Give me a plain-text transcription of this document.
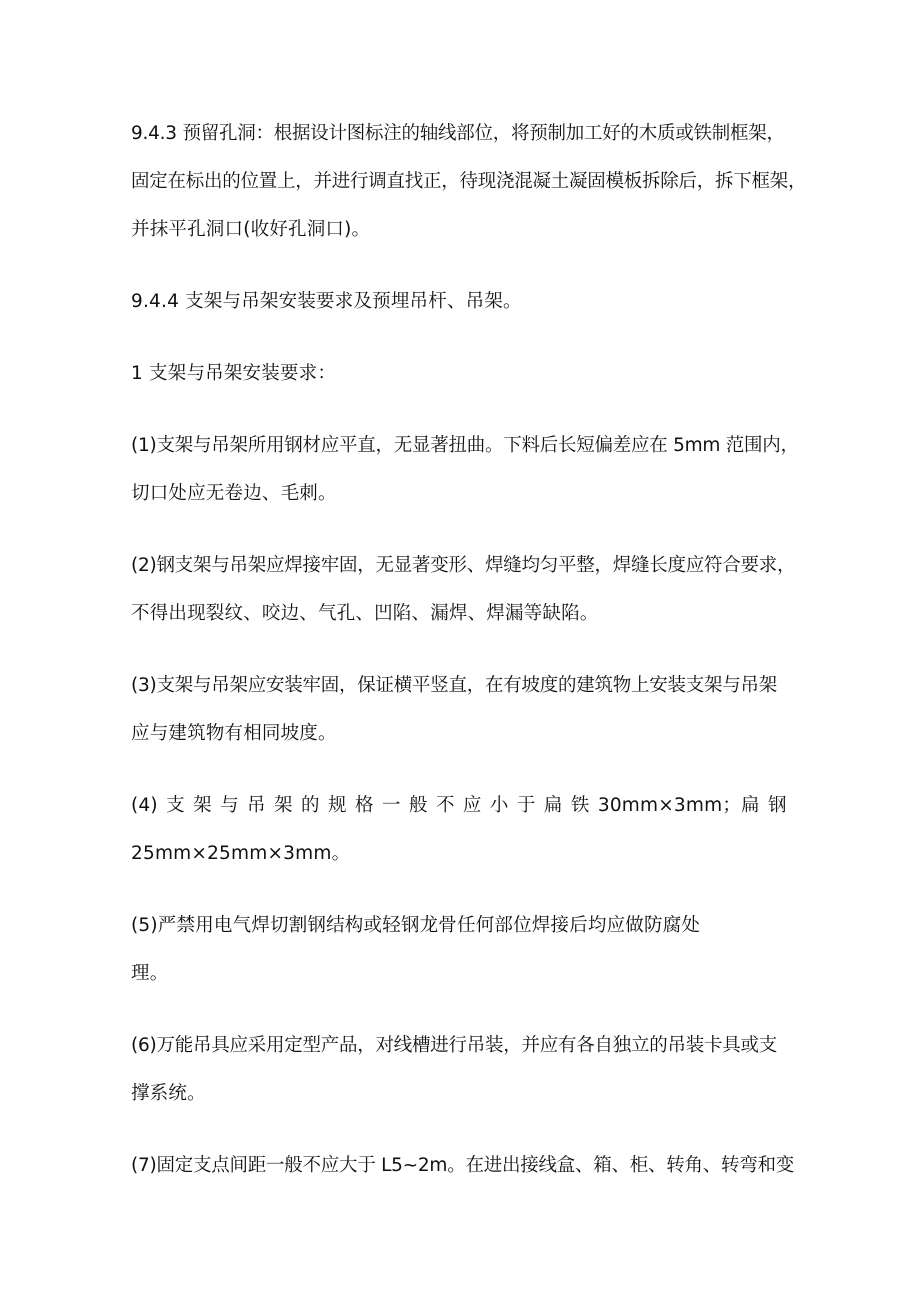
9.4.3 预留孔洞：根据设计图标注的轴线部位，将预制加工好的木质或铁制框架，
固定在标出的位置上，并进行调直找正，待现浇混凝土凝固模板拆除后，拆下框架，
并抹平孔洞口(收好孔洞口)。
9.4.4 支架与吊架安装要求及预埋吊杆、吊架。
1 支架与吊架安装要求：
(1)支架与吊架所用钢材应平直，无显著扭曲。下料后长短偏差应在 5mm 范围内，
切口处应无卷边、毛刺。
(2)钢支架与吊架应焊接牢固，无显著变形、焊缝均匀平整，焊缝长度应符合要求，
不得出现裂纹、咬边、气孔、凹陷、漏焊、焊漏等缺陷。
(3)支架与吊架应安装牢固，保证横平竖直，在有坡度的建筑物上安装支架与吊架
应与建筑物有相同坡度。
(4) 支 架 与 吊 架 的 规 格 一 般 不 应 小 于 扁 铁 30mm×3mm；扁 钢
25mm×25mm×3mm。
(5)严禁用电气焊切割钢结构或轻钢龙骨任何部位焊接后均应做防腐处
理。
(6)万能吊具应采用定型产品，对线槽进行吊装，并应有各自独立的吊装卡具或支
撑系统。
(7)固定支点间距一般不应大于 L5~2m。在进出接线盒、箱、柜、转角、转弯和变
